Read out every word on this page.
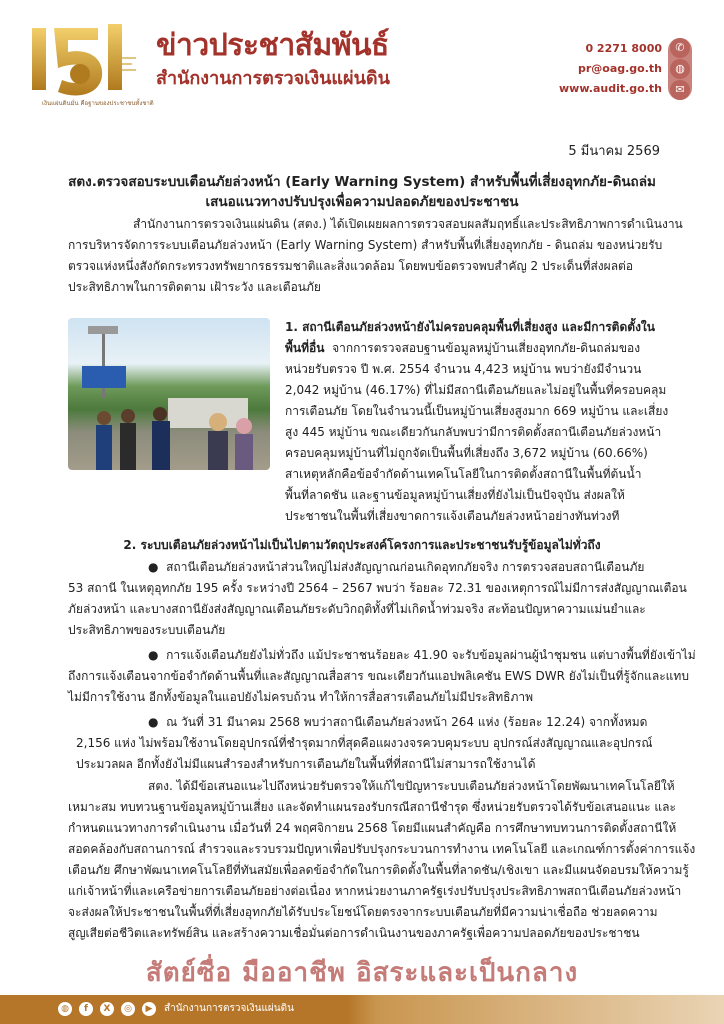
เงินแผ่นดินมั่น คือฐานของประชาชนทั้งชาติ
ข่าวประชาสัมพันธ์
สำนักงานการตรวจเงินแผ่นดิน
0 2271 8000
pr@oag.go.th
www.audit.go.th
✆
◍
✉
5 มีนาคม 2569
สตง.ตรวจสอบระบบเตือนภัยล่วงหน้า (Early Warning System) สำหรับพื้นที่เสี่ยงอุทกภัย-ดินถล่ม
เสนอแนวทางปรับปรุงเพื่อความปลอดภัยของประชาชน
สำนักงานการตรวจเงินแผ่นดิน (สตง.) ได้เปิดเผยผลการตรวจสอบผลสัมฤทธิ์และประสิทธิภาพการดำเนินงาน
การบริหารจัดการระบบเตือนภัยล่วงหน้า (Early Warning System) สำหรับพื้นที่เสี่ยงอุทกภัย - ดินถล่ม ของหน่วยรับ
ตรวจแห่งหนึ่งสังกัดกระทรวงทรัพยากรธรรมชาติและสิ่งแวดล้อม โดยพบข้อตรวจพบสำคัญ 2 ประเด็นที่ส่งผลต่อ
ประสิทธิภาพในการติดตาม เฝ้าระวัง และเตือนภัย
1. สถานีเตือนภัยล่วงหน้ายังไม่ครอบคลุมพื้นที่เสี่ยงสูง และมีการติดตั้งใน
พื้นที่อื่น จากการตรวจสอบฐานข้อมูลหมู่บ้านเสี่ยงอุทกภัย-ดินถล่มของ
หน่วยรับตรวจ ปี พ.ศ. 2554 จำนวน 4,423 หมู่บ้าน พบว่ายังมีจำนวน
2,042 หมู่บ้าน (46.17%) ที่ไม่มีสถานีเตือนภัยและไม่อยู่ในพื้นที่ครอบคลุม
การเตือนภัย โดยในจำนวนนี้เป็นหมู่บ้านเสี่ยงสูงมาก 669 หมู่บ้าน และเสี่ยง
สูง 445 หมู่บ้าน ขณะเดียวกันกลับพบว่ามีการติดตั้งสถานีเตือนภัยล่วงหน้า
ครอบคลุมหมู่บ้านที่ไม่ถูกจัดเป็นพื้นที่เสี่ยงถึง 3,672 หมู่บ้าน (60.66%)
สาเหตุหลักคือข้อจำกัดด้านเทคโนโลยีในการติดตั้งสถานีในพื้นที่ต้นน้ำ
พื้นที่ลาดชัน และฐานข้อมูลหมู่บ้านเสี่ยงที่ยังไม่เป็นปัจจุบัน ส่งผลให้
ประชาชนในพื้นที่เสี่ยงขาดการแจ้งเตือนภัยล่วงหน้าอย่างทันท่วงที
2. ระบบเตือนภัยล่วงหน้าไม่เป็นไปตามวัตถุประสงค์โครงการและประชาชนรับรู้ข้อมูลไม่ทั่วถึง
●  สถานีเตือนภัยล่วงหน้าส่วนใหญ่ไม่ส่งสัญญาณก่อนเกิดอุทกภัยจริง การตรวจสอบสถานีเตือนภัย
53 สถานี ในเหตุอุทกภัย 195 ครั้ง ระหว่างปี 2564 – 2567 พบว่า ร้อยละ 72.31 ของเหตุการณ์ไม่มีการส่งสัญญาณเตือน
ภัยล่วงหน้า และบางสถานียังส่งสัญญาณเตือนภัยระดับวิกฤติทั้งที่ไม่เกิดน้ำท่วมจริง สะท้อนปัญหาความแม่นยำและ
ประสิทธิภาพของระบบเตือนภัย
●  การแจ้งเตือนภัยยังไม่ทั่วถึง แม้ประชาชนร้อยละ 41.90 จะรับข้อมูลผ่านผู้นำชุมชน แต่บางพื้นที่ยังเข้าไม่
ถึงการแจ้งเตือนจากข้อจำกัดด้านพื้นที่และสัญญาณสื่อสาร ขณะเดียวกันแอปพลิเคชัน EWS DWR ยังไม่เป็นที่รู้จักและแทบ
ไม่มีการใช้งาน อีกทั้งข้อมูลในแอปยังไม่ครบถ้วน ทำให้การสื่อสารเตือนภัยไม่มีประสิทธิภาพ
●  ณ วันที่ 31 มีนาคม 2568 พบว่าสถานีเตือนภัยล่วงหน้า 264 แห่ง (ร้อยละ 12.24) จากทั้งหมด
2,156 แห่ง ไม่พร้อมใช้งานโดยอุปกรณ์ที่ชำรุดมากที่สุดคือแผงวงจรควบคุมระบบ อุปกรณ์ส่งสัญญาณและอุปกรณ์
ประมวลผล อีกทั้งยังไม่มีแผนสำรองสำหรับการเตือนภัยในพื้นที่ที่สถานีไม่สามารถใช้งานได้
สตง. ได้มีข้อเสนอแนะไปถึงหน่วยรับตรวจให้แก้ไขปัญหาระบบเตือนภัยล่วงหน้าโดยพัฒนาเทคโนโลยีให้
เหมาะสม ทบทวนฐานข้อมูลหมู่บ้านเสี่ยง และจัดทำแผนรองรับกรณีสถานีชำรุด ซึ่งหน่วยรับตรวจได้รับข้อเสนอแนะ และ
กำหนดแนวทางการดำเนินงาน เมื่อวันที่ 24 พฤศจิกายน 2568 โดยมีแผนสำคัญคือ การศึกษาทบทวนการติดตั้งสถานีให้
สอดคล้องกับสถานการณ์ สำรวจและรวบรวมปัญหาเพื่อปรับปรุงกระบวนการทำงาน เทคโนโลยี และเกณฑ์การตั้งค่าการแจ้ง
เตือนภัย ศึกษาพัฒนาเทคโนโลยีที่ทันสมัยเพื่อลดข้อจำกัดในการติดตั้งในพื้นที่ลาดชัน/เชิงเขา และมีแผนจัดอบรมให้ความรู้
แก่เจ้าหน้าที่และเครือข่ายการเตือนภัยอย่างต่อเนื่อง หากหน่วยงานภาครัฐเร่งปรับปรุงประสิทธิภาพสถานีเตือนภัยล่วงหน้า
จะส่งผลให้ประชาชนในพื้นที่ที่เสี่ยงอุทกภัยได้รับประโยชน์โดยตรงจากระบบเตือนภัยที่มีความน่าเชื่อถือ ช่วยลดความ
สูญเสียต่อชีวิตและทรัพย์สิน และสร้างความเชื่อมั่นต่อการดำเนินงานของภาครัฐเพื่อความปลอดภัยของประชาชน
สัตย์ซื่อ มืออาชีพ อิสระและเป็นกลาง
◍	f	X	◎	▶	สำนักงานการตรวจเงินแผ่นดิน
